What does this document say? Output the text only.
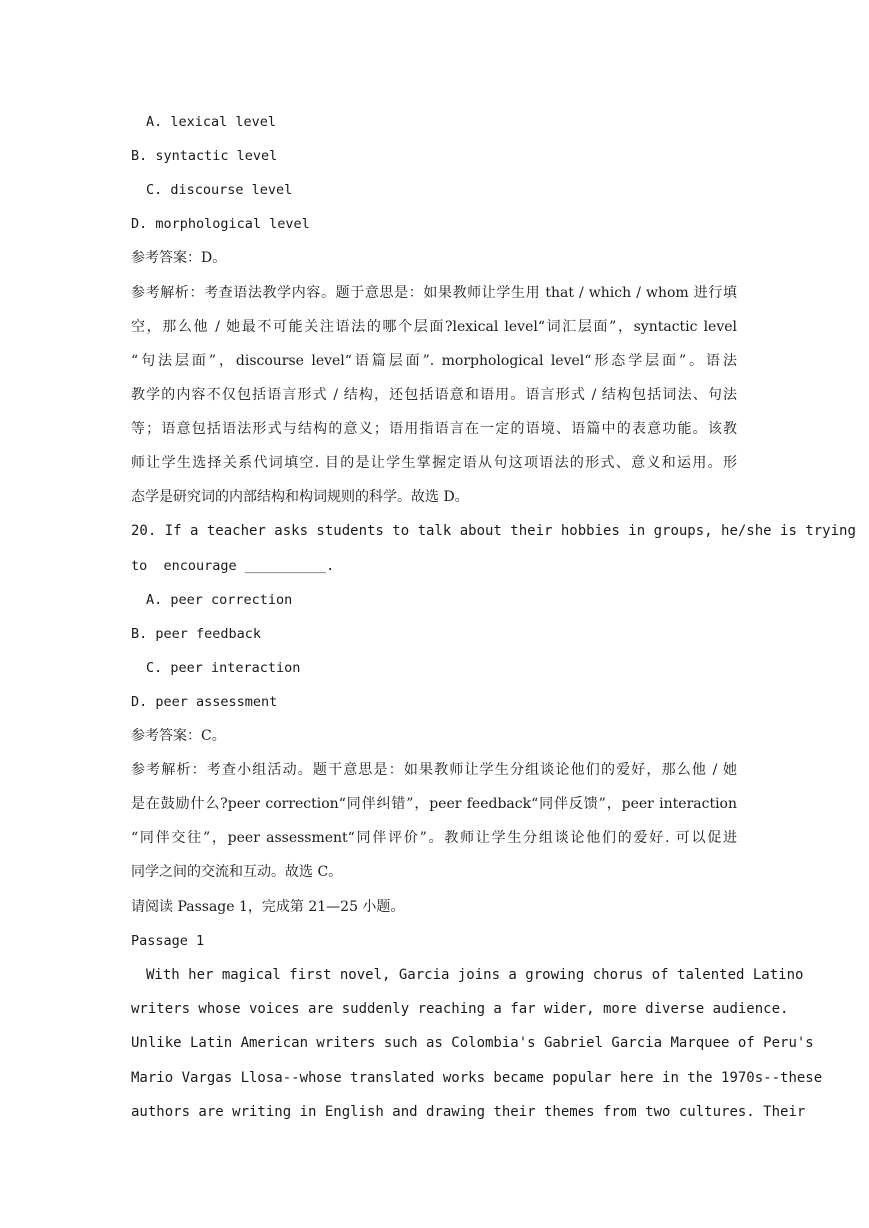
A. lexical level
B. syntactic level
C. discourse level
D. morphological level
参考答案：D。
参考解析：考查语法教学内容。题于意思是：如果教师让学生用 that / which / whom 进行填
空，那么他 / 她最不可能关注语法的哪个层面?lexical level“词汇层面”，syntactic level
“句法层面”，discourse level“语篇层面”. morphological level“形态学层面”。语法
教学的内容不仅包括语言形式 / 结构，还包括语意和语用。语言形式 / 结构包括词法、句法
等；语意包括语法形式与结构的意义；语用指语言在一定的语境、语篇中的表意功能。该教
师让学生选择关系代词填空. 目的是让学生掌握定语从句这项语法的形式、意义和运用。形
态学是研究词的内部结构和构词规则的科学。故选 D。
20. If a teacher asks students to talk about their hobbies in groups, he/she is trying
to  encourage __________.
A. peer correction
B. peer feedback
C. peer interaction
D. peer assessment
参考答案：C。
参考解析：考查小组活动。题干意思是：如果教师让学生分组谈论他们的爱好，那么他 / 她
是在鼓励什么?peer correction“同伴纠错”，peer feedback“同伴反馈”，peer interaction
“同伴交往”，peer assessment“同伴评价”。教师让学生分组谈论他们的爱好. 可以促进
同学之间的交流和互动。故选 C。
请阅读 Passage 1，完成第 21—25 小题。
Passage 1
With her magical first novel, Garcia joins a growing chorus of talented Latino
writers whose voices are suddenly reaching a far wider, more diverse audience.
Unlike Latin American writers such as Colombia's Gabriel Garcia Marquee of Peru's
Mario Vargas Llosa--whose translated works became popular here in the 1970s--these
authors are writing in English and drawing their themes from two cultures. Their
